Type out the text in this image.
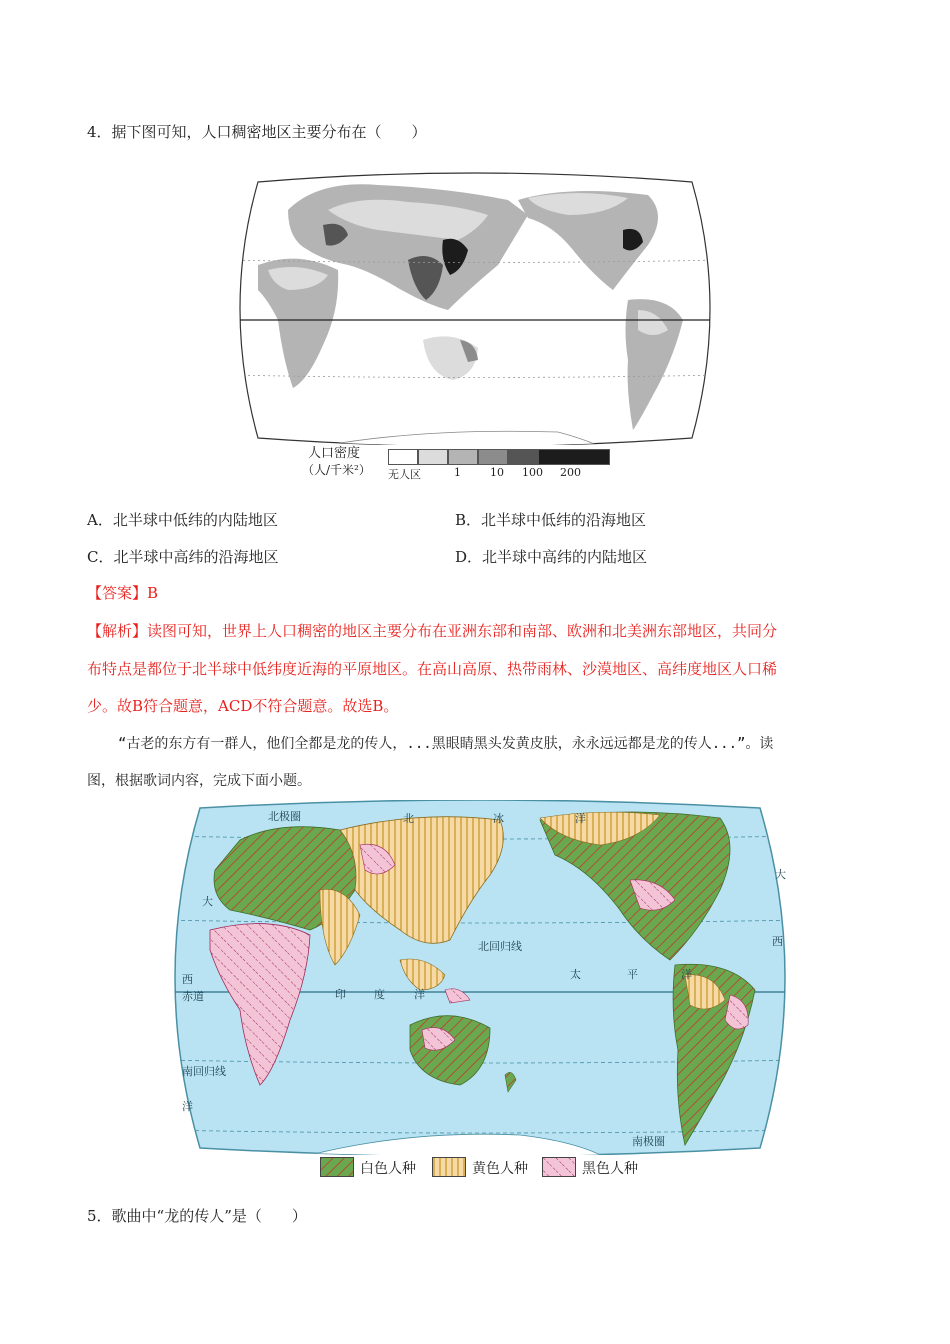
4．据下图可知，人口稠密地区主要分布在（　　）
人口密度
（人/千米²） 无人区	1	10 100 200
A．北半球中低纬的内陆地区	B．北半球中低纬的沿海地区
C．北半球中高纬的沿海地区	D．北半球中高纬的内陆地区
【答案】B
【解析】读图可知，世界上人口稠密的地区主要分布在亚洲东部和南部、欧洲和北美洲东部地区，共同分
布特点是都位于北半球中低纬度近海的平原地区。在高山高原、热带雨林、沙漠地区、高纬度地区人口稀
少。故B符合题意，ACD不符合题意。故选B。
“古老的东方有一群人，他们全都是龙的传人，...黑眼睛黑头发黄皮肤，永永远远都是龙的传人...”。读
图，根据歌词内容，完成下面小题。
北极圈	北	冰	洋
北回归线
赤道
南回归线
南极圈
大
西
洋
大
西
太	平	洋
印	度	洋
白色人种	黄色人种	黑色人种
5．歌曲中“龙的传人”是（　　）
